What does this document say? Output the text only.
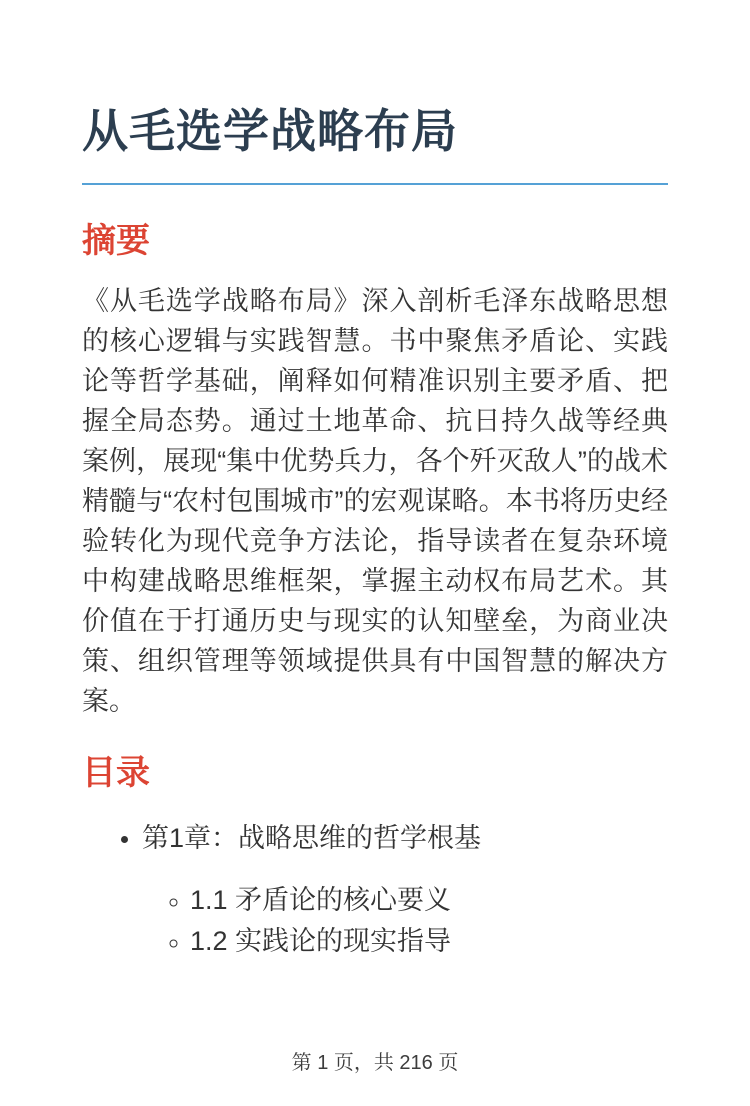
从毛选学战略布局
摘要

《从毛选学战略布局》深入剖析毛泽东战略思想的核心逻辑与实践智慧。书中聚焦矛盾论、实践论等哲学基础，阐释如何精准识别主要矛盾、把握全局态势。通过土地革命、抗日持久战等经典案例，展现“集中优势兵力，各个歼灭敌人”的战术精髓与“农村包围城市”的宏观谋略。本书将历史经验转化为现代竞争方法论，指导读者在复杂环境中构建战略思维框架，掌握主动权布局艺术。其价值在于打通历史与现实的认知壁垒，为商业决策、组织管理等领域提供具有中国智慧的解决方案。

目录
• 第1章：战略思维的哲学根基
◦ 1.1 矛盾论的核心要义
◦ 1.2 实践论的现实指导
第 1 页，共 216 页
